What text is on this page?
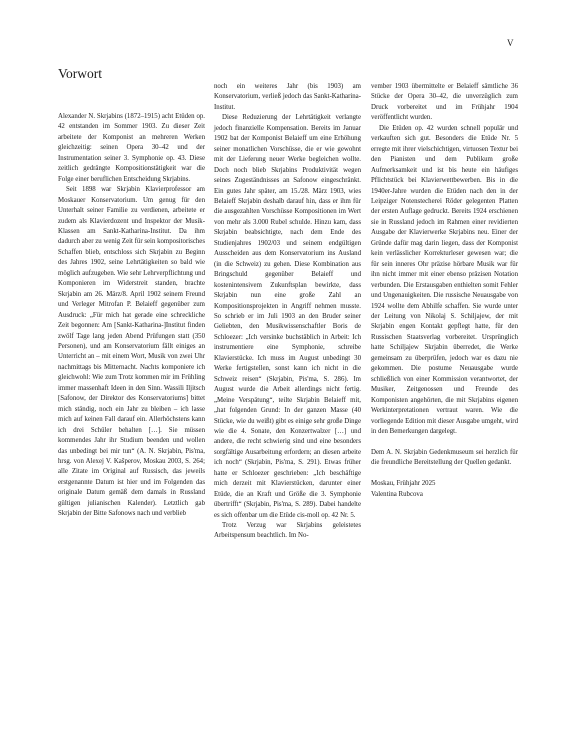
V
Vorwort

Alexander N. Skrjabins (1872–1915) acht Etüden op. 42 entstanden im Sommer 1903. Zu dieser Zeit arbeitete der Komponist an mehreren Werken gleichzeitig: seinen Opera 30–42 und der Instrumentation seiner 3. Symphonie op. 43. Diese zeitlich gedrängte Kompositionstätigkeit war die Folge einer beruflichen Entscheidung Skrjabins.

Seit 1898 war Skrjabin Klavierprofessor am Moskauer Konservatorium. Um genug für den Unterhalt seiner Familie zu verdienen, arbeitete er zudem als Klavierdozent und Inspektor der Musik-Klassen am Sankt-Katharina-Institut. Da ihm dadurch aber zu wenig Zeit für sein kompositorisches Schaffen blieb, entschloss sich Skrjabin zu Beginn des Jahres 1902, seine Lehrtätigkeiten so bald wie möglich aufzugeben. Wie sehr Lehrverpflichtung und Komponieren im Widerstreit standen, brachte Skrjabin am 26. März/8. April 1902 seinem Freund und Verleger Mitrofan P. Belaieff gegenüber zum Ausdruck: „Für mich hat gerade eine schreckliche Zeit begonnen: Am [Sankt-Katharina-]Institut finden zwölf Tage lang jeden Abend Prüfungen statt (350 Personen), und am Konservatorium fällt einiges an Unterricht an – mit einem Wort, Musik von zwei Uhr nachmittags bis Mitternacht. Nachts komponiere ich gleichwohl: Wie zum Trotz kommen mir im Frühling immer massenhaft Ideen in den Sinn. Wassili Iljitsch [Safonow, der Direktor des Konservatoriums] bittet mich ständig, noch ein Jahr zu bleiben – ich lasse mich auf keinen Fall darauf ein. Allerhöchstens kann ich drei Schüler behalten […]. Sie müssen kommendes Jahr ihr Studium beenden und wollen das unbedingt bei mir tun“ (A. N. Skrjabin, Pis'ma, hrsg. von Alexej V. Kašperov, Moskau 2003, S. 264; alle Zitate im Original auf Russisch, das jeweils erstgenannte Datum ist hier und im Folgenden das originale Datum gemäß dem damals in Russland gültigen julianischen Kalender). Letztlich gab Skrjabin der Bitte Safonows nach und verblieb

noch ein weiteres Jahr (bis 1903) am Konservatorium, verließ jedoch das Sankt-Katharina-Institut.

Diese Reduzierung der Lehrtätigkeit verlangte jedoch finanzielle Kompensation. Bereits im Januar 1902 bat der Komponist Belaieff um eine Erhöhung seiner monatlichen Vorschüsse, die er wie gewohnt mit der Lieferung neuer Werke begleichen wollte. Doch noch blieb Skrjabins Produktivität wegen seines Zugeständnisses an Safonow eingeschränkt. Ein gutes Jahr später, am 15./28. März 1903, wies Belaieff Skrjabin deshalb darauf hin, dass er ihm für die ausgezahlten Vorschüsse Kompositionen im Wert von mehr als 3.000 Rubel schulde. Hinzu kam, dass Skrjabin beabsichtigte, nach dem Ende des Studienjahres 1902/03 und seinem endgültigen Ausscheiden aus dem Konservatorium ins Ausland (in die Schweiz) zu gehen. Diese Kombination aus Bringschuld gegenüber Belaieff und kostenintensivem Zukunftsplan bewirkte, dass Skrjabin nun eine große Zahl an Kompositionsprojekten in Angriff nehmen musste. So schrieb er im Juli 1903 an den Bruder seiner Geliebten, den Musikwissenschaftler Boris de Schloezer: „Ich versinke buchstäblich in Arbeit: Ich instrumentiere eine Symphonie, schreibe Klavierstücke. Ich muss im August unbedingt 30 Werke fertigstellen, sonst kann ich nicht in die Schweiz reisen“ (Skrjabin, Pis'ma, S. 286). Im August wurde die Arbeit allerdings nicht fertig. „Meine Verspätung“, teilte Skrjabin Belaieff mit, „hat folgenden Grund: In der ganzen Masse (40 Stücke, wie du weißt) gibt es einige sehr große Dinge wie die 4. Sonate, den Konzertwalzer […] und andere, die recht schwierig sind und eine besonders sorgfältige Ausarbeitung erfordern; an diesen arbeite ich noch“ (Skrjabin, Pis'ma, S. 291). Etwas früher hatte er Schloezer geschrieben: „Ich beschäftige mich derzeit mit Klavierstücken, darunter einer Etüde, die an Kraft und Größe die 3. Symphonie übertrifft“ (Skrjabin, Pis'ma, S. 289). Dabei handelte es sich offenbar um die Etüde cis-moll op. 42 Nr. 5.

Trotz Verzug war Skrjabins geleistetes Arbeitspensum beachtlich. Im No-

vember 1903 übermittelte er Belaieff sämtliche 36 Stücke der Opera 30–42, die unverzüglich zum Druck vorbereitet und im Frühjahr 1904 veröffentlicht wurden.

Die Etüden op. 42 wurden schnell populär und verkauften sich gut. Besonders die Etüde Nr. 5 erregte mit ihrer vielschichtigen, virtuosen Textur bei den Pianisten und dem Publikum große Aufmerksamkeit und ist bis heute ein häufiges Pflichtstück bei Klavierwettbewerben. Bis in die 1940er-Jahre wurden die Etüden nach den in der Leipziger Notenstecherei Röder gelegenten Platten der ersten Auflage gedruckt. Bereits 1924 erschienen sie in Russland jedoch im Rahmen einer revidierten Ausgabe der Klavierwerke Skrjabins neu. Einer der Gründe dafür mag darin liegen, dass der Komponist kein verlässlicher Korrekturleser gewesen war; die für sein inneres Ohr präzise hörbare Musik war für ihn nicht immer mit einer ebenso präzisen Notation verbunden. Die Erstausgaben enthielten somit Fehler und Ungenauigkeiten. Die russische Neuausgabe von 1924 wollte dem Abhilfe schaffen. Sie wurde unter der Leitung von Nikolaj S. Schiljajew, der mit Skrjabin engen Kontakt gepflegt hatte, für den Russischen Staatsverlag vorbereitet. Ursprünglich hatte Schiljajew Skrjabin überredet, die Werke gemeinsam zu überprüfen, jedoch war es dazu nie gekommen. Die postume Neuausgabe wurde schließlich von einer Kommission verantwortet, der Musiker, Zeitgenossen und Freunde des Komponisten angehörten, die mit Skrjabins eigenen Werkinterpretationen vertraut waren. Wie die vorliegende Edition mit dieser Ausgabe umgeht, wird in den Bemerkungen dargelegt.

Dem A. N. Skrjabin Gedenkmuseum sei herzlich für die freundliche Bereitstellung der Quellen gedankt.

Moskau, Frühjahr 2025

Valentina Rubcova
